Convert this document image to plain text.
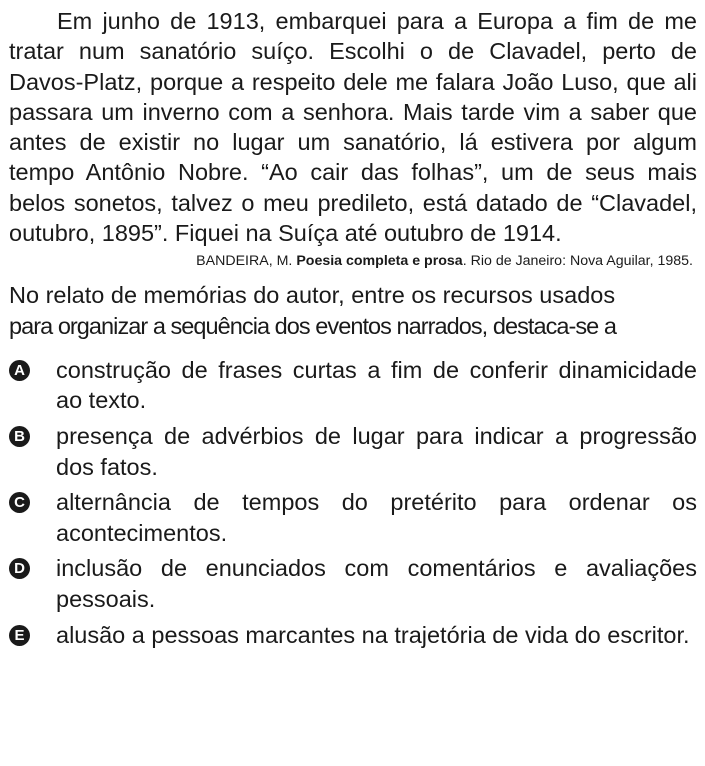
Em junho de 1913, embarquei para a Europa a fim de me tratar num sanatório suíço. Escolhi o de Clavadel, perto de Davos-Platz, porque a respeito dele me falara João Luso, que ali passara um inverno com a senhora. Mais tarde vim a saber que antes de existir no lugar um sanatório, lá estivera por algum tempo Antônio Nobre. “Ao cair das folhas”, um de seus mais belos sonetos, talvez o meu predileto, está datado de “Clavadel, outubro, 1895”. Fiquei na Suíça até outubro de 1914.

BANDEIRA, M. Poesia completa e prosa. Rio de Janeiro: Nova Aguilar, 1985.
No relato de memórias do autor, entre os recursos usados
para organizar a sequência dos eventos narrados, destaca-se a
A construção de frases curtas a fim de conferir dinamicidade ao texto.
B presença de advérbios de lugar para indicar a progressão dos fatos.
C alternância de tempos do pretérito para ordenar os acontecimentos.
D inclusão de enunciados com comentários e avaliações pessoais.
E alusão a pessoas marcantes na trajetória de vida do escritor.
